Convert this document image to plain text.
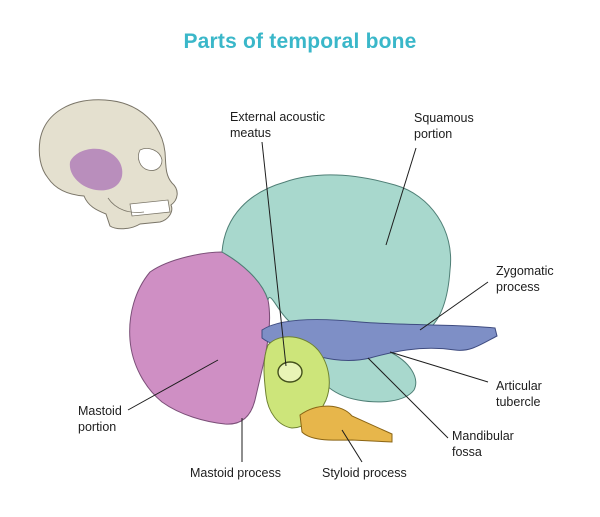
Parts of temporal bone
External acoustic
meatus
Squamous
portion
Zygomatic
process
Articular
tubercle
Mandibular
fossa
Mastoid
portion
Mastoid process	Styloid process
